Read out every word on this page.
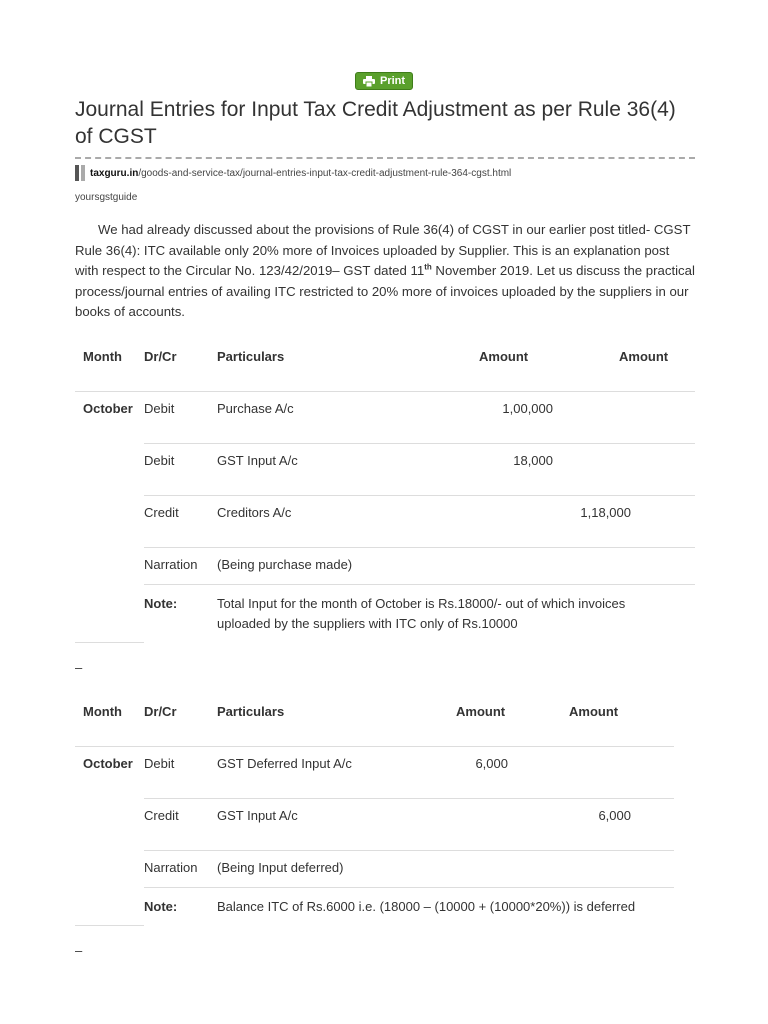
Print
Journal Entries for Input Tax Credit Adjustment as per Rule 36(4) of CGST
taxguru.in /goods-and-service-tax/journal-entries-input-tax-credit-adjustment-rule-364-cgst.html
yoursgstguide

We had already discussed about the provisions of Rule 36(4) of CGST in our earlier post titled- CGST Rule 36(4): ITC available only 20% more of Invoices uploaded by Supplier. This is an explanation post with respect to the Circular No. 123/42/2019– GST dated 11th November 2019. Let us discuss the practical process/journal entries of availing ITC restricted to 20% more of invoices uploaded by the suppliers in our books of accounts.

Month	Dr/Cr	Particulars	Amount	Amount
October	Debit	Purchase A/c	1,00,000	
	Debit	GST Input A/c	18,000	
	Credit	Creditors A/c		1,18,000
	Narration	(Being purchase made)		
	Note:	Total Input for the month of October is Rs.18000/- out of which invoices uploaded by the suppliers with ITC only of Rs.10000		
–
Month	Dr/Cr	Particulars	Amount	Amount
October	Debit	GST Deferred Input A/c	6,000	
	Credit	GST Input A/c		6,000
	Narration	(Being Input deferred)		
	Note:	Balance ITC of Rs.6000 i.e. (18000 – (10000 + (10000*20%)) is deferred		
–
